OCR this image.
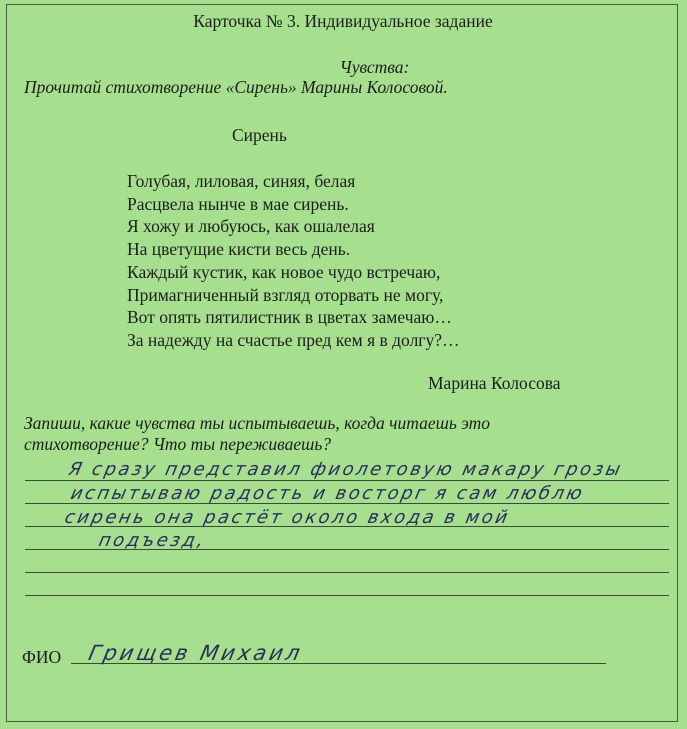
Карточка № 3. Индивидуальное задание
Чувства:
Прочитай стихотворение «Сирень» Марины Колосовой.
Сирень
Голубая, лиловая, синяя, белая
Расцвела нынче в мае сирень.
Я хожу и любуюсь, как ошалелая
На цветущие кисти весь день.
Каждый кустик, как новое чудо встречаю,
Примагниченный взгляд оторвать не могу,
Вот опять пятилистник в цветах замечаю…
За надежду на счастье пред кем я в долгу?…
Марина Колосова
Запиши, какие чувства ты испытываешь, когда читаешь это
стихотворение? Что ты переживаешь?
Я сразу представил фиолетовую макару грозы
испытываю радость и восторг я сам люблю
сирень она растёт около входа в мой
подъезд,
ФИО Грищев Михаил
